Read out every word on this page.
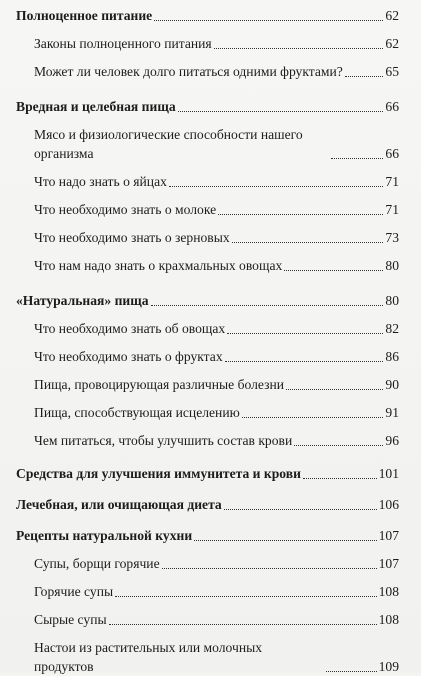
Полноценное питание	62
Законы полноценного питания	62
Может ли человек долго питаться одними фруктами?	65
Вредная и целебная пища	66
Мясо и физиологические способности нашего организма	66
Что надо знать о яйцах	71
Что необходимо знать о молоке	71
Что необходимо знать о зерновых	73
Что нам надо знать о крахмальных овощах	80
«Натуральная» пища	80
Что необходимо знать об овощах	82
Что необходимо знать о фруктах	86
Пища, провоцирующая различные болезни	90
Пища, способствующая исцелению	91
Чем питаться, чтобы улучшить состав крови	96
Средства для улучшения иммунитета и крови	101
Лечебная, или очищающая диета	106
Рецепты натуральной кухни	107
Супы, борщи горячие	107
Горячие супы	108
Сырые супы	108
Настои из растительных или молочных продуктов	109
